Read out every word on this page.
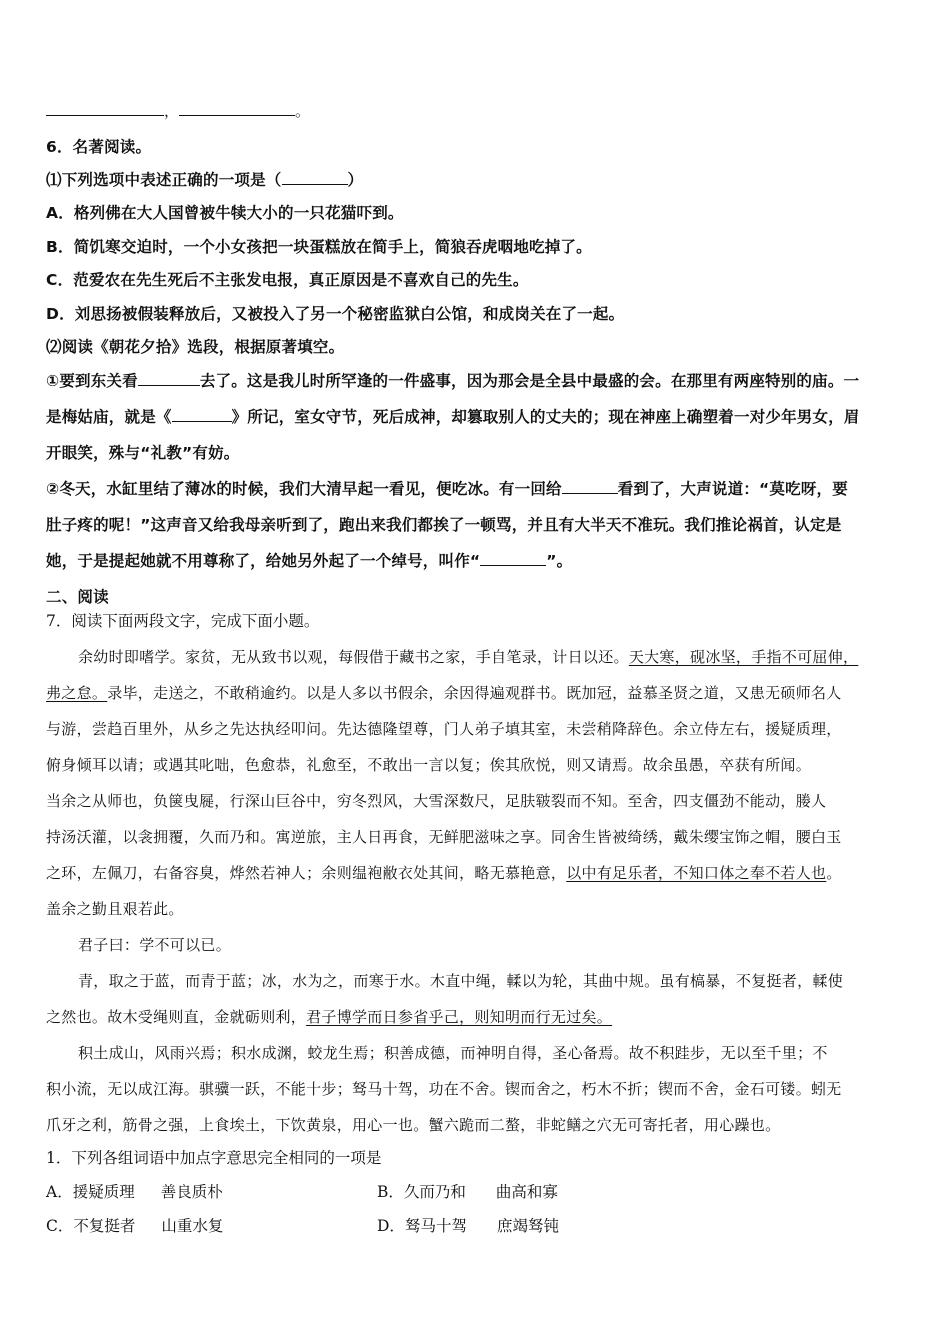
，	。
6．名著阅读。
⑴下列选项中表述正确的一项是（	）
A．格列佛在大人国曾被牛犊大小的一只花猫吓到。
B．简饥寒交迫时，一个小女孩把一块蛋糕放在简手上，简狼吞虎咽地吃掉了。
C．范爱农在先生死后不主张发电报，真正原因是不喜欢自己的先生。
D．刘思扬被假装释放后，又被投入了另一个秘密监狱白公馆，和成岗关在了一起。
⑵阅读《朝花夕拾》选段，根据原著填空。
①要到东关看	去了。这是我儿时所罕逢的一件盛事，因为那会是全县中最盛的会。在那里有两座特别的庙。一
是梅姑庙，就是《	》所记，室女守节，死后成神，却篡取别人的丈夫的；现在神座上确塑着一对少年男女，眉
开眼笑，殊与“礼教”有妨。
②冬天，水缸里结了薄冰的时候，我们大清早起一看见，便吃冰。有一回给	看到了，大声说道：“莫吃呀，要
肚子疼的呢！”这声音又给我母亲听到了，跑出来我们都挨了一顿骂，并且有大半天不准玩。我们推论祸首，认定是
她，于是提起她就不用尊称了，给她另外起了一个绰号，叫作“	”。
二、阅读
7．阅读下面两段文字，完成下面小题。
余幼时即嗜学。家贫，无从致书以观，每假借于藏书之家，手自笔录，计日以还。天大寒，砚冰坚，手指不可屈伸，
弗之怠。录毕，走送之，不敢稍逾约。以是人多以书假余，余因得遍观群书。既加冠，益慕圣贤之道，又患无硕师名人
与游，尝趋百里外，从乡之先达执经叩问。先达德隆望尊，门人弟子填其室，未尝稍降辞色。余立侍左右，援疑质理，
俯身倾耳以请；或遇其叱咄，色愈恭，礼愈至，不敢出一言以复；俟其欣悦，则又请焉。故余虽愚，卒获有所闻。
当余之从师也，负箧曳屣，行深山巨谷中，穷冬烈风，大雪深数尺，足肤皲裂而不知。至舍，四支僵劲不能动，媵人
持汤沃灌，以衾拥覆，久而乃和。寓逆旅，主人日再食，无鲜肥滋味之享。同舍生皆被绮绣，戴朱缨宝饰之帽，腰白玉
之环，左佩刀，右备容臭，烨然若神人；余则缊袍敝衣处其间，略无慕艳意，以中有足乐者，不知口体之奉不若人也。
盖余之勤且艰若此。
君子曰：学不可以已。
青，取之于蓝，而青于蓝；冰，水为之，而寒于水。木直中绳，輮以为轮，其曲中规。虽有槁暴，不复挺者，輮使
之然也。故木受绳则直，金就砺则利，君子博学而日参省乎己，则知明而行无过矣。
积土成山，风雨兴焉；积水成渊，蛟龙生焉；积善成德，而神明自得，圣心备焉。故不积跬步，无以至千里；不
积小流，无以成江海。骐骥一跃，不能十步；驽马十驾，功在不舍。锲而舍之，朽木不折；锲而不舍，金石可镂。蚓无
爪牙之利，筋骨之强，上食埃土，下饮黄泉，用心一也。蟹六跪而二螯，非蛇鳝之穴无可寄托者，用心躁也。
1．下列各组词语中加点字意思完全相同的一项是
A．援疑质理 善良质朴	B．久而乃和 曲高和寡
C．不复挺者 山重水复	D．驽马十驾 庶竭驽钝
